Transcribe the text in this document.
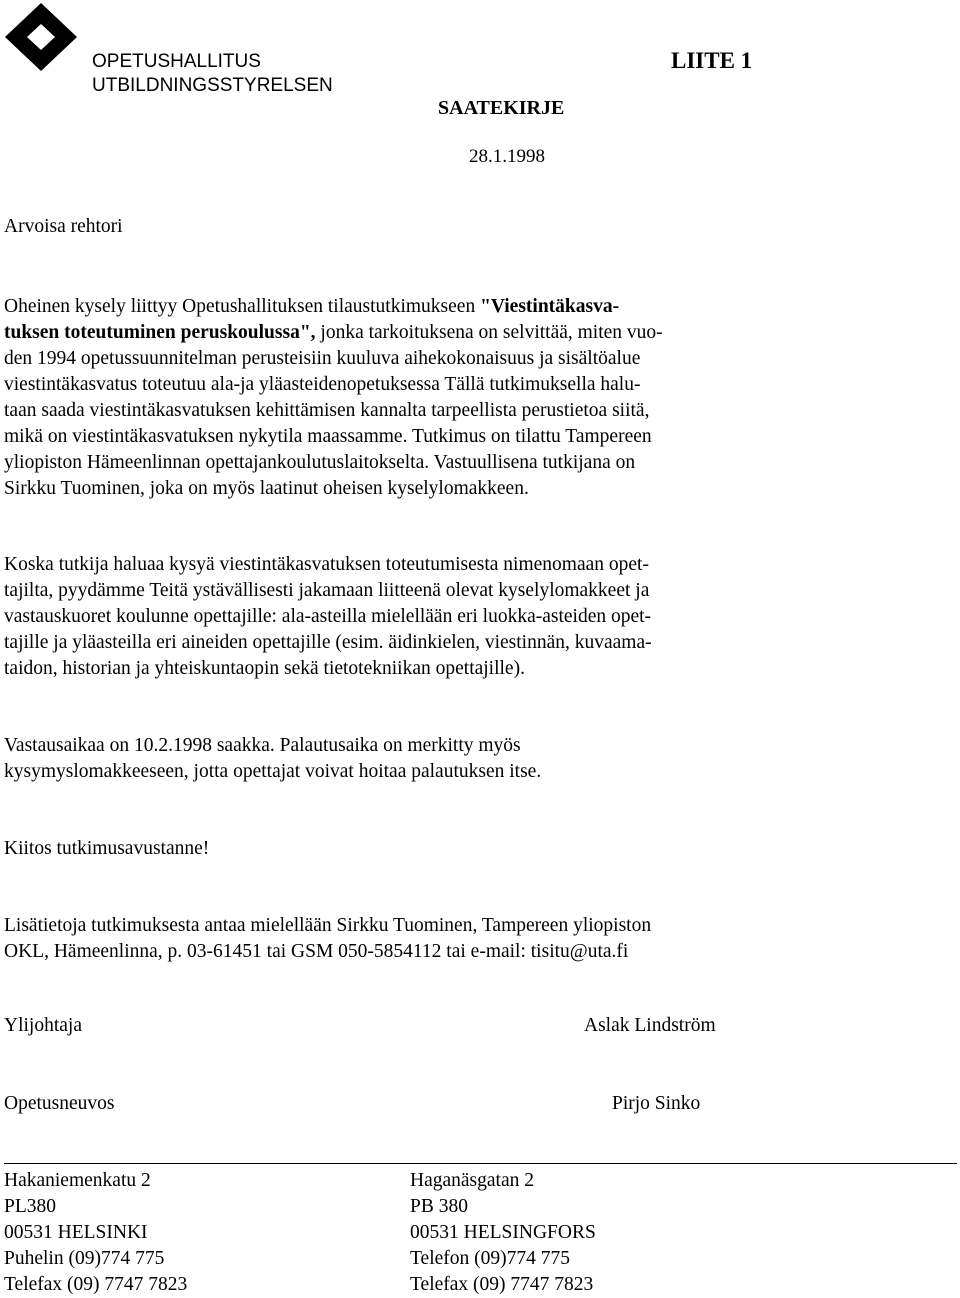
OPETUSHALLITUS
UTBILDNINGSSTYRELSEN
LIITE 1
SAATEKIRJE
28.1.1998
Arvoisa rehtori
Oheinen kysely liittyy Opetushallituksen tilaustutkimukseen "Viestintäkasva-
tuksen toteutuminen peruskoulussa", jonka tarkoituksena on selvittää, miten vuo-
den 1994 opetussuunnitelman perusteisiin kuuluva aihekokonaisuus ja sisältöalue
viestintäkasvatus toteutuu ala-ja yläasteidenopetuksessa Tällä tutkimuksella halu-
taan saada viestintäkasvatuksen kehittämisen kannalta tarpeellista perustietoa siitä,
mikä on viestintäkasvatuksen nykytila maassamme. Tutkimus on tilattu Tampereen
yliopiston Hämeenlinnan opettajankoulutuslaitokselta. Vastuullisena tutkijana on
Sirkku Tuominen, joka on myös laatinut oheisen kyselylomakkeen.
Koska tutkija haluaa kysyä viestintäkasvatuksen toteutumisesta nimenomaan opet-
tajilta, pyydämme Teitä ystävällisesti jakamaan liitteenä olevat kyselylomakkeet ja
vastauskuoret koulunne opettajille: ala-asteilla mielellään eri luokka-asteiden opet-
tajille ja yläasteilla eri aineiden opettajille (esim. äidinkielen, viestinnän, kuvaama-
taidon, historian ja yhteiskuntaopin sekä tietotekniikan opettajille).
Vastausaikaa on 10.2.1998 saakka. Palautusaika on merkitty myös
kysymyslomakkeeseen, jotta opettajat voivat hoitaa palautuksen itse.
Kiitos tutkimusavustanne!
Lisätietoja tutkimuksesta antaa mielellään Sirkku Tuominen, Tampereen yliopiston
OKL, Hämeenlinna, p. 03-61451 tai GSM 050-5854112 tai e-mail: tisitu@uta.fi
Ylijohtaja	Aslak Lindström
Opetusneuvos	Pirjo Sinko
Hakaniemenkatu 2
PL380
00531 HELSINKI
Puhelin (09)774 775
Telefax (09) 7747 7823
Haganäsgatan 2
PB 380
00531 HELSINGFORS
Telefon (09)774 775
Telefax (09) 7747 7823
